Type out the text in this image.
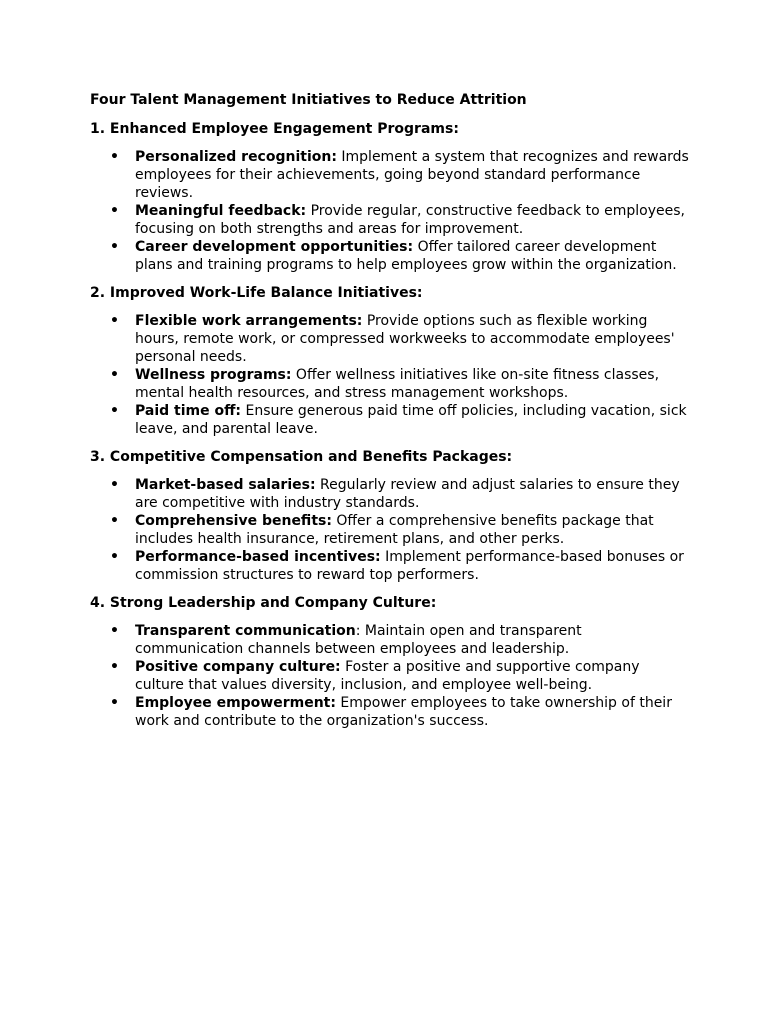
Four Talent Management Initiatives to Reduce Attrition
1. Enhanced Employee Engagement Programs:
• Personalized recognition: Implement a system that recognizes and rewards employees for their achievements, going beyond standard performance reviews.
• Meaningful feedback: Provide regular, constructive feedback to employees, focusing on both strengths and areas for improvement.
• Career development opportunities: Offer tailored career development plans and training programs to help employees grow within the organization.
2. Improved Work-Life Balance Initiatives:
• Flexible work arrangements: Provide options such as flexible working hours, remote work, or compressed workweeks to accommodate employees' personal needs.
• Wellness programs: Offer wellness initiatives like on-site fitness classes, mental health resources, and stress management workshops.
• Paid time off: Ensure generous paid time off policies, including vacation, sick leave, and parental leave.
3. Competitive Compensation and Benefits Packages:
• Market-based salaries: Regularly review and adjust salaries to ensure they are competitive with industry standards.
• Comprehensive benefits: Offer a comprehensive benefits package that includes health insurance, retirement plans, and other perks.
• Performance-based incentives: Implement performance-based bonuses or commission structures to reward top performers.
4. Strong Leadership and Company Culture:
• Transparent communication: Maintain open and transparent communication channels between employees and leadership.
• Positive company culture: Foster a positive and supportive company culture that values diversity, inclusion, and employee well-being.
• Employee empowerment: Empower employees to take ownership of their work and contribute to the organization's success.
